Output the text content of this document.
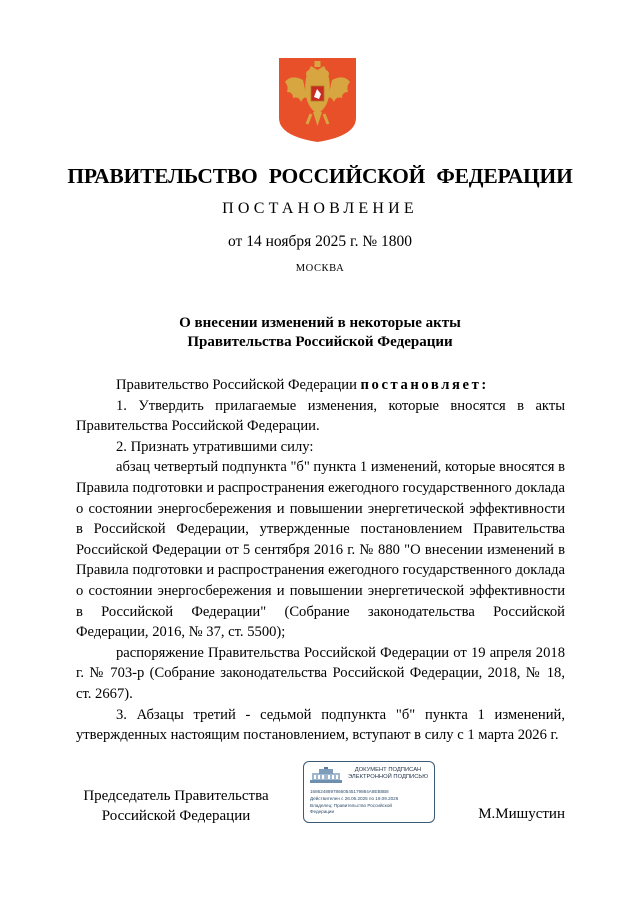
ПРАВИТЕЛЬСТВО РОССИЙСКОЙ ФЕДЕРАЦИИ
ПОСТАНОВЛЕНИЕ
от 14 ноября 2025 г. № 1800
МОСКВА
О внесении изменений в некоторые акты
Правительства Российской Федерации

Правительство Российской Федерации постановляет:

1. Утвердить прилагаемые изменения, которые вносятся в акты Правительства Российской Федерации.

2. Признать утратившими силу:

абзац четвертый подпункта "б" пункта 1 изменений, которые вносятся в Правила подготовки и распространения ежегодного государственного доклада о состоянии энергосбережения и повышении энергетической эффективности в Российской Федерации, утвержденные постановлением Правительства Российской Федерации от 5 сентября 2016 г. № 880 "О внесении изменений в Правила подготовки и распространения ежегодного государственного доклада о состоянии энергосбережения и повышении энергетической эффективности в Российской Федерации" (Собрание законодательства Российской Федерации, 2016, № 37, ст. 5500);

распоряжение Правительства Российской Федерации от 19 апреля 2018 г. № 703-р (Собрание законодательства Российской Федерации, 2018, № 18, ст. 2667).

3. Абзацы третий - седьмой подпункта "б" пункта 1 изменений, утвержденных настоящим постановлением, вступают в силу с 1 марта 2026 г.

Председатель Правительства
Российской Федерации
ДОКУМЕНТ ПОДПИСАН
ЭЛЕКТРОННОЙ ПОДПИСЬЮ
16862488978660545179884A8EB8B8
Действителен с 26.06.2025 по 19.09.2026
Владелец: Правительство Российской
Федерации	М.Мишустин
